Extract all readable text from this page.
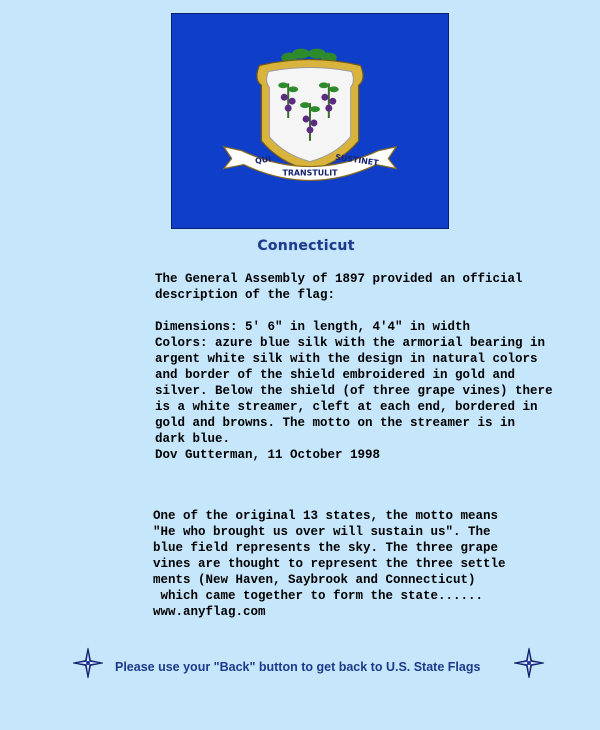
QUI
TRANSTULIT
SUSTINET
Connecticut
The General Assembly of 1897 provided an official
description of the flag:

Dimensions: 5' 6" in length, 4'4" in width
Colors: azure blue silk with the armorial bearing in
argent white silk with the design in natural colors
and border of the shield embroidered in gold and
silver. Below the shield (of three grape vines) there
is a white streamer, cleft at each end, bordered in
gold and browns. The motto on the streamer is in
dark blue.
Dov Gutterman, 11 October 1998
One of the original 13 states, the motto means
"He who brought us over will sustain us". The
blue field represents the sky. The three grape
vines are thought to represent the three settle
ments (New Haven, Saybrook and Connecticut)
which came together to form the state......
www.anyflag.com
Please use your "Back" button to get back to U.S. State Flags
